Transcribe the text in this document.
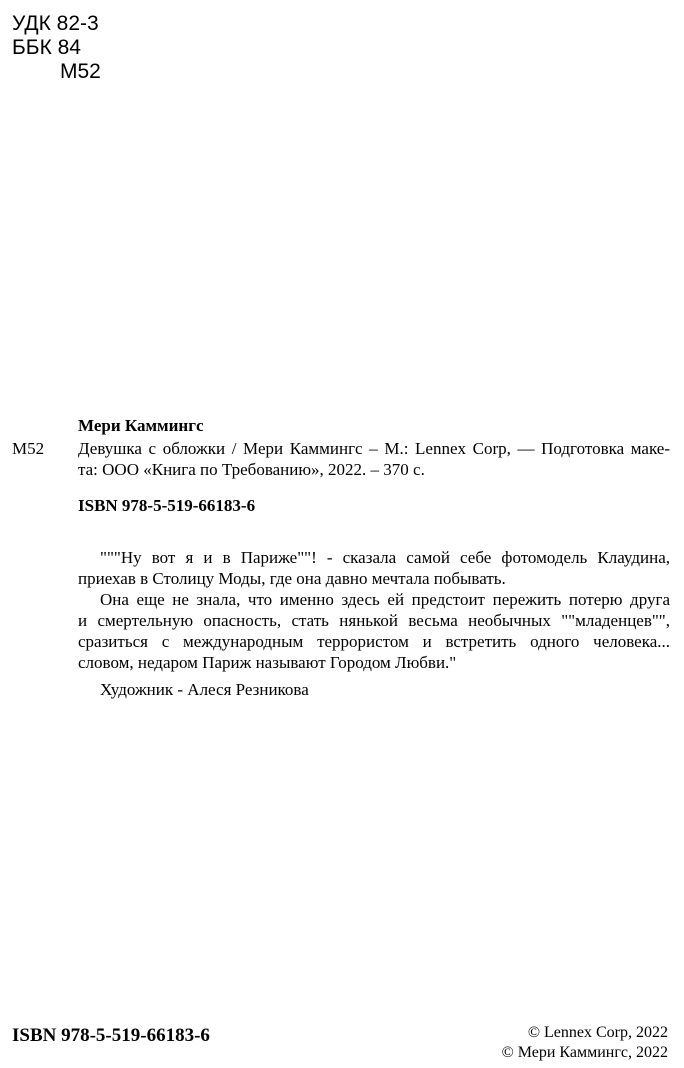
УДК 82-3
ББК 84
М52
Мери Каммингс
М52 Девушка с обложки / Мери Каммингс – М.: Lennex Corp, — Подготовка маке-
та: ООО «Книга по Требованию», 2022. – 370 с.
ISBN 978-5-519-66183-6
"""Ну вот я и в Париже""! - сказала самой себе фотомодель Клаудина,
приехав в Столицу Моды, где она давно мечтала побывать.
Она еще не знала, что именно здесь ей предстоит пережить потерю друга
и смертельную опасность, стать нянькой весьма необычных ""младенцев"",
сразиться с международным террористом и встретить одного человека...
словом, недаром Париж называют Городом Любви."
Художник - Алеся Резникова
ISBN 978-5-519-66183-6	© Lennex Corp, 2022
© Мери Каммингс, 2022
